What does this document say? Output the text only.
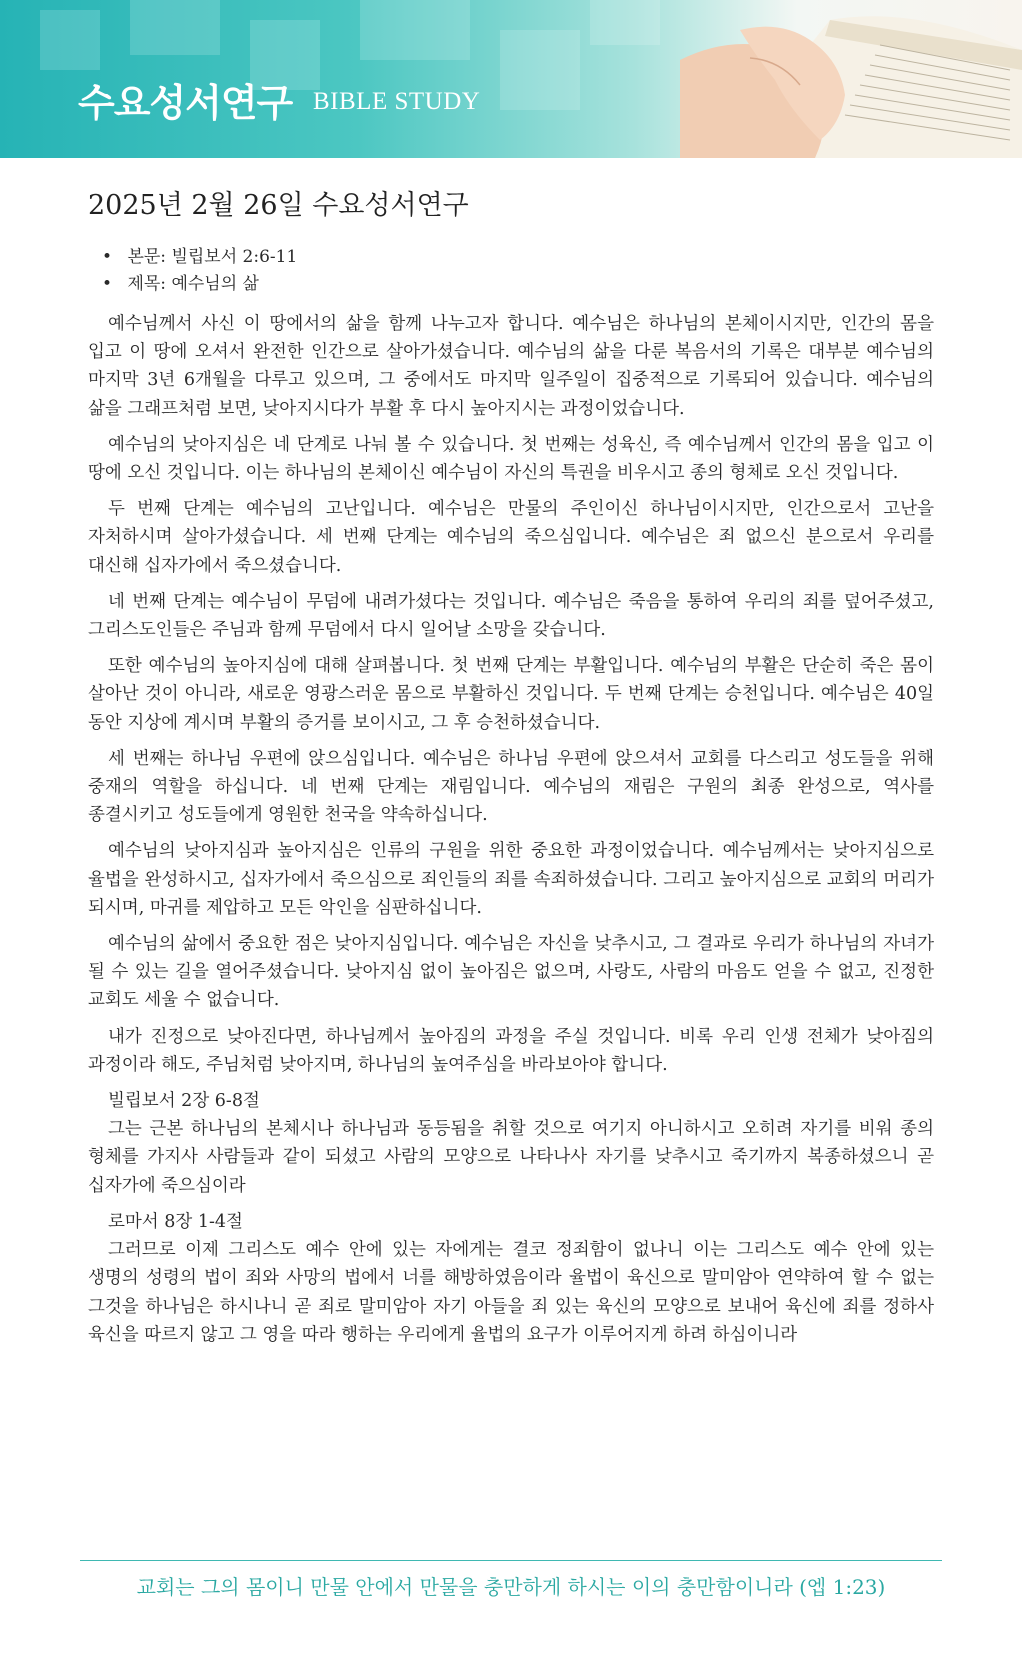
수요성서연구 BIBLE STUDY
2025년 2월 26일 수요성서연구
• 본문 : 빌립보서 2:6-11
• 제목 : 예수님의 삶

예수님께서 사신 이 땅에서의 삶을 함께 나누고자 합니다. 예수님은 하나님의 본체이시지만, 인간의 몸을 입고 이 땅에 오셔서 완전한 인간으로 살아가셨습니다. 예수님의 삶을 다룬 복음서의 기록은 대부분 예수님의 마지막 3년 6개월을 다루고 있으며, 그 중에서도 마지막 일주일이 집중적으로 기록되어 있습니다. 예수님의 삶을 그래프처럼 보면, 낮아지시다가 부활 후 다시 높아지시는 과정이었습니다.

예수님의 낮아지심은 네 단계로 나눠 볼 수 있습니다. 첫 번째는 성육신, 즉 예수님께서 인간의 몸을 입고 이 땅에 오신 것입니다. 이는 하나님의 본체이신 예수님이 자신의 특권을 비우시고 종의 형체로 오신 것입니다.

두 번째 단계는 예수님의 고난입니다. 예수님은 만물의 주인이신 하나님이시지만, 인간으로서 고난을 자처하시며 살아가셨습니다. 세 번째 단계는 예수님의 죽으심입니다. 예수님은 죄 없으신 분으로서 우리를 대신해 십자가에서 죽으셨습니다.

네 번째 단계는 예수님이 무덤에 내려가셨다는 것입니다. 예수님은 죽음을 통하여 우리의 죄를 덮어주셨고, 그리스도인들은 주님과 함께 무덤에서 다시 일어날 소망을 갖습니다.

또한 예수님의 높아지심에 대해 살펴봅니다. 첫 번째 단계는 부활입니다. 예수님의 부활은 단순히 죽은 몸이 살아난 것이 아니라, 새로운 영광스러운 몸으로 부활하신 것입니다. 두 번째 단계는 승천입니다. 예수님은 40일 동안 지상에 계시며 부활의 증거를 보이시고, 그 후 승천하셨습니다.

세 번째는 하나님 우편에 앉으심입니다. 예수님은 하나님 우편에 앉으셔서 교회를 다스리고 성도들을 위해 중재의 역할을 하십니다. 네 번째 단계는 재림입니다. 예수님의 재림은 구원의 최종 완성으로, 역사를 종결시키고 성도들에게 영원한 천국을 약속하십니다.

예수님의 낮아지심과 높아지심은 인류의 구원을 위한 중요한 과정이었습니다. 예수님께서는 낮아지심으로 율법을 완성하시고, 십자가에서 죽으심으로 죄인들의 죄를 속죄하셨습니다. 그리고 높아지심으로 교회의 머리가 되시며, 마귀를 제압하고 모든 악인을 심판하십니다.

예수님의 삶에서 중요한 점은 낮아지심입니다. 예수님은 자신을 낮추시고, 그 결과로 우리가 하나님의 자녀가 될 수 있는 길을 열어주셨습니다. 낮아지심 없이 높아짐은 없으며, 사랑도, 사람의 마음도 얻을 수 없고, 진정한 교회도 세울 수 없습니다.

내가 진정으로 낮아진다면, 하나님께서 높아짐의 과정을 주실 것입니다. 비록 우리 인생 전체가 낮아짐의 과정이라 해도, 주님처럼 낮아지며, 하나님의 높여주심을 바라보아야 합니다.

빌립보서 2장 6-8절

그는 근본 하나님의 본체시나 하나님과 동등됨을 취할 것으로 여기지 아니하시고 오히려 자기를 비워 종의 형체를 가지사 사람들과 같이 되셨고 사람의 모양으로 나타나사 자기를 낮추시고 죽기까지 복종하셨으니 곧 십자가에 죽으심이라

로마서 8장 1-4절

그러므로 이제 그리스도 예수 안에 있는 자에게는 결코 정죄함이 없나니 이는 그리스도 예수 안에 있는 생명의 성령의 법이 죄와 사망의 법에서 너를 해방하였음이라 율법이 육신으로 말미암아 연약하여 할 수 없는 그것을 하나님은 하시나니 곧 죄로 말미암아 자기 아들을 죄 있는 육신의 모양으로 보내어 육신에 죄를 정하사 육신을 따르지 않고 그 영을 따라 행하는 우리에게 율법의 요구가 이루어지게 하려 하심이니라

교회는 그의 몸이니 만물 안에서 만물을 충만하게 하시는 이의 충만함이니라 (엡 1:23)
